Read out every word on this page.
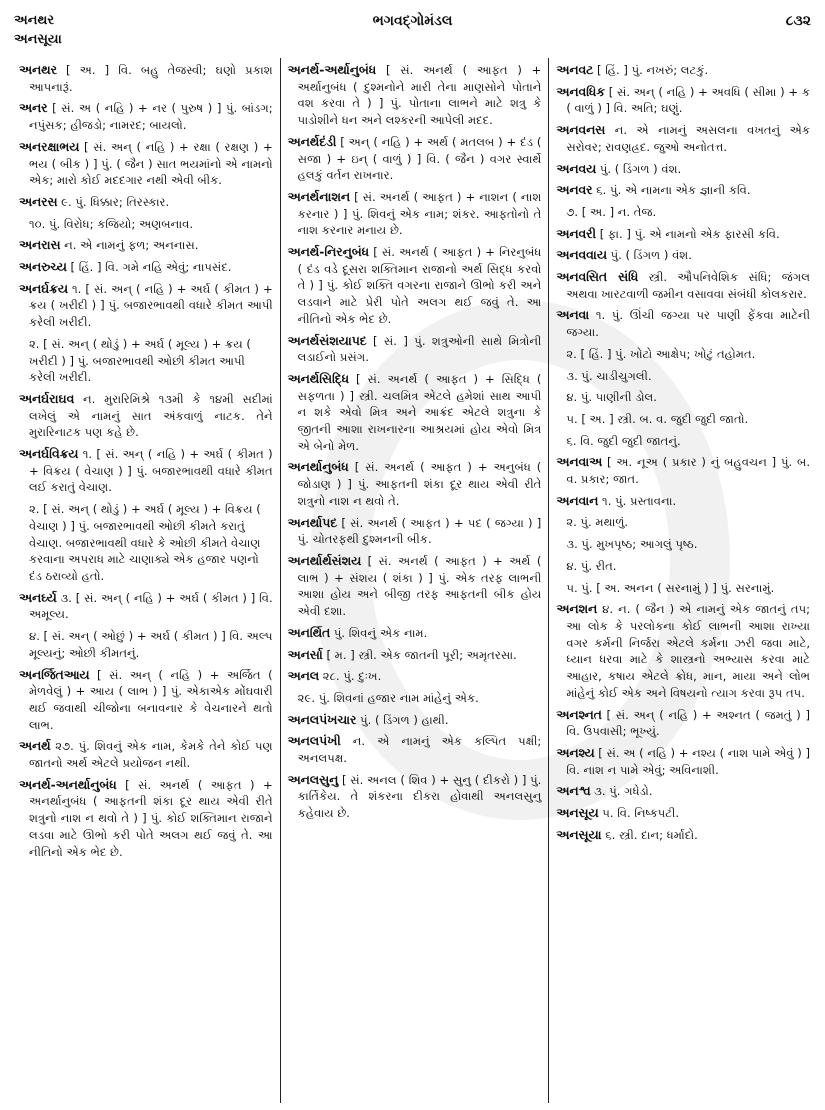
અનથર
અનસૂયા
ભગવદ્ગોમંડલ	૮૩૨

અનથર [ અ. ] વિ. બહુ તેજસ્વી; ઘણો પ્રકાશ આપનારૂં.

અનર [ સં. અ ( નહિ ) + નર ( પુરુષ ) ] પું. બાંડગ; નપુંસક; હીજડો; નામરદ; બાયલો.

અનરક્ષાભય [ સં. અન્ ( નહિ ) + રક્ષા ( રક્ષણ ) + ભય ( બીક ) ] પું. ( જૈન ) સાત ભયમાંનો એ નામનો એક; મારો કોઈ મદદગાર નથી એવી બીક.

અનરસ ૯. પું. ધિક્કાર; તિરસ્કાર.

૧૦. પું. વિરોધ; કજિયો; અણબનાવ.

અનરાસ ન. એ નામનું ફળ; અનનાસ.

અનરુચ્ય [ હિં. ] વિ. ગમે નહિ એવું; નાપસંદ.

અનર્ઘક્રય ૧. [ સં. અન્ ( નહિ ) + અર્ઘ ( કીમત ) + ક્રય ( ખરીદી ) ] પું. બજારભાવથી વધારે કીમત આપી કરેલી ખરીદી.

૨. [ સં. અન્ ( થોડું ) + અર્ઘ ( મૂલ્ય ) + ક્રય ( ખરીદી ) ] પું. બજારભાવથી ઓછી કીમત આપી કરેલી ખરીદી.

અનર્ઘરાઘવ ન. મુરારિમિશ્રે ૧૩મી કે ૧૪મી સદીમાં લખેલું એ નામનું સાત અંકવાળું નાટક. તેને મુરારિનાટક પણ કહે છે.

અનર્ઘવિક્રય ૧. [ સં. અન્ ( નહિ ) + અર્ઘ ( કીમત ) + વિક્રય ( વેચાણ ) ] પું. બજારભાવથી વધારે કીમત લઈ કરાતું વેચાણ.

૨. [ સં. અન્ ( થોડું ) + અર્ઘ ( મૂલ્ય ) + વિક્રય ( વેચાણ ) ] પું. બજારભાવથી ઓછી કીમતે કરાતું વેચાણ. બજારભાવથી વધારે કે ઓછી કીમતે વેચાણ કરવાના અપરાધ માટે ચાણાક્યે એક હજાર પણનો દંડ ઠરાવ્યો હતો.

અનર્ઘ્ય ૩. [ સં. અન્ ( નહિ ) + અર્ઘ ( કીમત ) ] વિ. અમૂલ્ય.

૪. [ સં. અન્ ( ઓછું ) + અર્ઘ ( કીમત ) ] વિ. અલ્પ મૂલ્યનું; ઓછી કીમતનું.

અનર્જિતઆય [ સં. અન્ ( નહિ ) + અર્જિત ( મેળવેલું ) + આય ( લાભ ) ] પું. એકાએક મોંઘવારી થઈ જવાથી ચીજોના બનાવનાર કે વેચનારને થતો લાભ.

અનર્થ ૨૭. પું. શિવનું એક નામ, કેમકે તેને કોઈ પણ જાતનો અર્થ એટલે પ્રયોજન નથી.

અનર્થ-અનર્થાનુબંધ [ સં. અનર્થ ( આફત ) + અનર્થાનુબંધ ( આફતની શંકા દૂર થાય એવી રીતે શત્રુનો નાશ ન થવો તે ) ] પું. કોઈ શક્તિમાન રાજાને લડવા માટે ઊભો કરી પોતે અલગ થઈ જવું તે. આ નીતિનો એક ભેદ છે.

અનર્થ-અર્થાનુબંધ [ સં. અનર્થ ( આફત ) + અર્થાનુબંધ ( દુશ્મનોને મારી તેના માણસોને પોતાને વશ કરવા તે ) ] પું. પોતાના લાભને માટે શત્રુ કે પાડોશીને ધન અને લશ્કરની આપેલી મદદ.

અનર્થદંડી [ અન્ ( નહિ ) + અર્થ ( મતલબ ) + દંડ ( સજા ) + ઇન્ ( વાળું ) ] વિ. ( જૈન ) વગર સ્વાર્થે હલકું વર્તન રાખનાર.

અનર્થનાશન [ સં. અનર્થ ( આફત ) + નાશન ( નાશ કરનાર ) ] પું. શિવનું એક નામ; શંકર. આફતોનો તે નાશ કરનાર મનાય છે.

અનર્થ-નિરનુબંધ [ સં. અનર્થ ( આફત ) + નિરનુબંધ ( દંડ વડે દૂસરા શક્તિમાન રાજાનો અર્થ સિદ્ધ કરવો તે ) ] પું. કોઈ શક્તિ વગરના રાજાને ઊભો કરી અને લડવાને માટે પ્રેરી પોતે અલગ થઈ જવું તે. આ નીતિનો એક ભેદ છે.

અનર્થસંશયાપદ [ સં. ] પું. શત્રુઓની સાથે મિત્રોની લડાઈનો પ્રસંગ.

અનર્થસિદ્ધિ [ સં. અનર્થ ( આફત ) + સિદ્ધિ ( સફળતા ) ] સ્ત્રી. ચલમિત્ર એટલે હમેશાં સાથ આપી ન શકે એવો મિત્ર અને આક્રંદ એટલે શત્રુના કે જીતની આશા રાખનારના આશ્રયમાં હોય એવો મિત્ર એ બેનો મેળ.

અનર્થાનુબંધ [ સં. અનર્થ ( આફત ) + અનુબંધ ( જોડાણ ) ] પું. આફતની શંકા દૂર થાય એવી રીતે શત્રુનો નાશ ન થવો તે.

અનર્થાપદ [ સં. અનર્થ ( આફત ) + પદ ( જગ્યા ) ] પું. ચોતરફથી દુશ્મનની બીક.

અનર્થાર્થસંશય [ સં. અનર્થ ( આફત ) + અર્થ ( લાભ ) + સંશય ( શંકા ) ] પું. એક તરફ લાભની આશા હોય અને બીજી તરફ આફતની બીક હોય એવી દશા.

અનર્થિત પું. શિવનું એક નામ.

અનર્સા [ મ. ] સ્ત્રી. એક જાતની પૂરી; અમૃતરસા.

અનલ ૨૮. પું. દુઃખ.

૨૯. પું. શિવનાં હજાર નામ માંહેનું એક.

અનલપંખચાર પું. ( ડિંગળ ) હાથી.

અનલપંખી ન. એ નામનું એક કલ્પિત પક્ષી; અનલપક્ષ.

અનલસુનુ [ સં. અનલ ( શિવ ) + સુનુ ( દીકરો ) ] પું. કાર્તિકેય. તે શંકરના દીકરા હોવાથી અનલસુનુ કહેવાય છે.

અનવટ [ હિં. ] પું. નખરું; લટકું.

અનવધિક [ સં. અન્ ( નહિ ) + અવધિ ( સીમા ) + ક ( વાળું ) ] વિ. અતિ; ઘણું.

અનવનસ ન. એ નામનું અસલના વખતનું એક સરોવર; રાવણહ્રદ. જુઓ અનોતત્ત.

અનવય પું. ( ડિંગળ ) વંશ.

અનવર ૬. પું. એ નામના એક જ્ઞાની કવિ.

૭. [ અ. ] ન. તેજ.

અનવરી [ ફા. ] પું. એ નામનો એક ફારસી કવિ.

અનવવાય પું. ( ડિંગળ ) વંશ.

અનવસિત સંધિ સ્ત્રી. ઔપનિવેશિક સંધિ; જંગલ અથવા ખારટવાળી જમીન વસાવવા સંબંધી કોલકરાર.

અનવા ૧. પું. ઊંચી જગ્યા પર પાણી ફેંકવા માટેની જગ્યા.

૨. [ હિં. ] પું. ખોટો આક્ષેપ; ખોટું તહોમત.

૩. પું. ચાડીચુગલી.

૪. પું. પાણીની ડોલ.

૫. [ અ. ] સ્ત્રી. બ. વ. જુદી જુદી જાતો.

૬. વિ. જુદી જુદી જાતનું.

અનવાઅ [ અ. નૂઅ ( પ્રકાર ) નું બહુવચન ] પું. બ. વ. પ્રકાર; જાત.

અનવાન ૧. પું. પ્રસ્તાવના.

૨. પું. મથાળું.

૩. પું. મુખપૃષ્ઠ; આગલું પૃષ્ઠ.

૪. પું. રીત.

૫. પું. [ અ. અનન ( સરનામું ) ] પું. સરનામું.

અનશન ૪. ન. ( જૈન ) એ નામનું એક જાતનું તપ; આ લોક કે પરલોકના કોઈ લાભની આશા રાખ્યા વગર કર્મની નિર્જરા એટલે કર્મના ઝરી જવા માટે, ધ્યાન ધરવા માટે કે શાસ્ત્રનો અભ્યાસ કરવા માટે આહાર, કષાય એટલે ક્રોધ, માન, માયા અને લોભ માંહેનું કોઈ એક અને વિષયનો ત્યાગ કરવા રૂપ તપ.

અનશ્નત [ સં. અન્ ( નહિ ) + અશ્નત ( જમતું ) ] વિ. ઉપવાસી; ભૂખ્યું.

અનશ્ય [ સં. અ ( નહિ ) + નશ્ય ( નાશ પામે એવું ) ] વિ. નાશ ન પામે એવું; અવિનાશી.

અનશ્વ ૩. પું. ગધેડો.

અનસૂય ૫. વિ. નિષ્કપટી.

અનસૂયા ૬. સ્ત્રી. દાન; ધર્માદો.
